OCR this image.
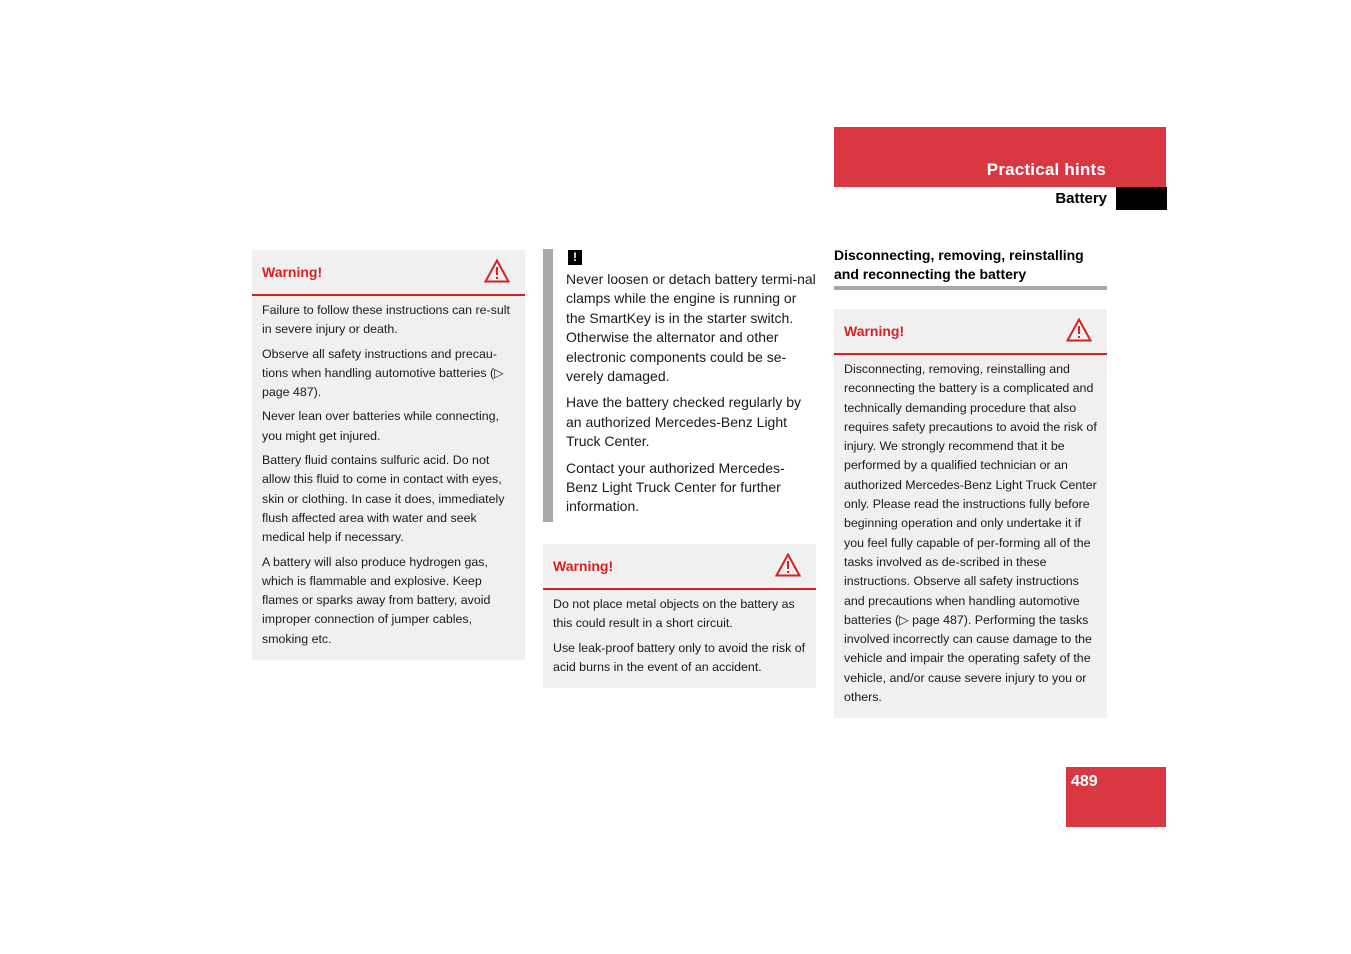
Practical hints
Battery
Warning!

Failure to follow these instructions can re-sult in severe injury or death.

Observe all safety instructions and precau-tions when handling automotive batteries (▷ page 487).

Never lean over batteries while connecting, you might get injured.

Battery fluid contains sulfuric acid. Do not allow this fluid to come in contact with eyes, skin or clothing. In case it does, immediately flush affected area with water and seek medical help if necessary.

A battery will also produce hydrogen gas, which is flammable and explosive. Keep flames or sparks away from battery, avoid improper connection of jumper cables, smoking etc.

!

Never loosen or detach battery termi-nal clamps while the engine is running or the SmartKey is in the starter switch. Otherwise the alternator and other electronic components could be se-verely damaged.

Have the battery checked regularly by an authorized Mercedes-Benz Light Truck Center.

Contact your authorized Mercedes-Benz Light Truck Center for further information.

Warning!

Do not place metal objects on the battery as this could result in a short circuit.

Use leak-proof battery only to avoid the risk of acid burns in the event of an accident.

Disconnecting, removing, reinstalling and reconnecting the battery
Warning!

Disconnecting, removing, reinstalling and reconnecting the battery is a complicated and technically demanding procedure that also requires safety precautions to avoid the risk of injury. We strongly recommend that it be performed by a qualified technician or an authorized Mercedes-Benz Light Truck Center only. Please read the instructions fully before beginning operation and only undertake it if you feel fully capable of per-forming all of the tasks involved as de-scribed in these instructions. Observe all safety instructions and precautions when handling automotive batteries (▷ page 487). Performing the tasks involved incorrectly can cause damage to the vehicle and impair the operating safety of the vehicle, and/or cause severe injury to you or others.

489
